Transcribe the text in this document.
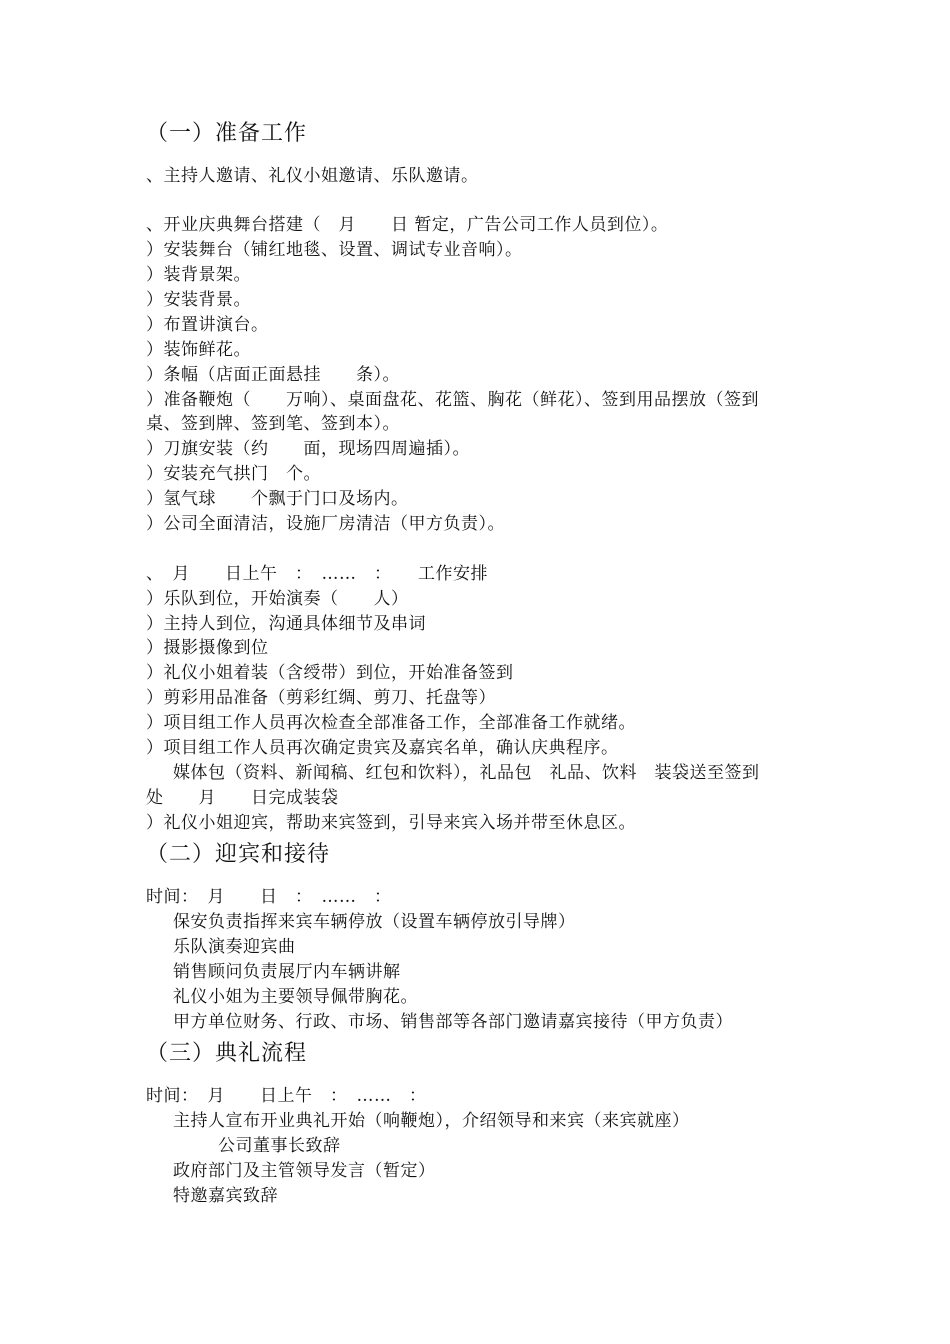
（一）准备工作
、主持人邀请、礼仪小姐邀请、乐队邀请。
、开业庆典舞台搭建（　月　　日 暂定，广告公司工作人员到位）。
）安装舞台（铺红地毯、设置、调试专业音响）。
）装背景架。
）安装背景。
）布置讲演台。
）装饰鲜花。
）条幅（店面正面悬挂　　条）。
）准备鞭炮（　　万响）、桌面盘花、花篮、胸花（鲜花）、签到用品摆放（签到
桌、签到牌、签到笔、签到本）。
）刀旗安装（约　　面，现场四周遍插）。
）安装充气拱门　个。
）氢气球　　个飘于门口及场内。
）公司全面清洁，设施厂房清洁（甲方负责）。
、　月　　日上午　：　……　：　　工作安排
）乐队到位，开始演奏（　　人）
）主持人到位，沟通具体细节及串词
）摄影摄像到位
）礼仪小姐着装（含绶带）到位，开始准备签到
）剪彩用品准备（剪彩红绸、剪刀、托盘等）
）项目组工作人员再次检查全部准备工作，全部准备工作就绪。
）项目组工作人员再次确定贵宾及嘉宾名单，确认庆典程序。
媒体包（资料、新闻稿、红包和饮料），礼品包　礼品、饮料　装袋送至签到
处　　月　　日完成装袋
）礼仪小姐迎宾，帮助来宾签到，引导来宾入场并带至休息区。
（二）迎宾和接待
时间：　月　　日　：　……　：
保安负责指挥来宾车辆停放（设置车辆停放引导牌）
乐队演奏迎宾曲
销售顾问负责展厅内车辆讲解
礼仪小姐为主要领导佩带胸花。
甲方单位财务、行政、市场、销售部等各部门邀请嘉宾接待（甲方负责）
（三）典礼流程
时间：　月　　日上午　：　……　：
主持人宣布开业典礼开始（响鞭炮），介绍领导和来宾（来宾就座）
公司董事长致辞
政府部门及主管领导发言（暂定）
特邀嘉宾致辞
